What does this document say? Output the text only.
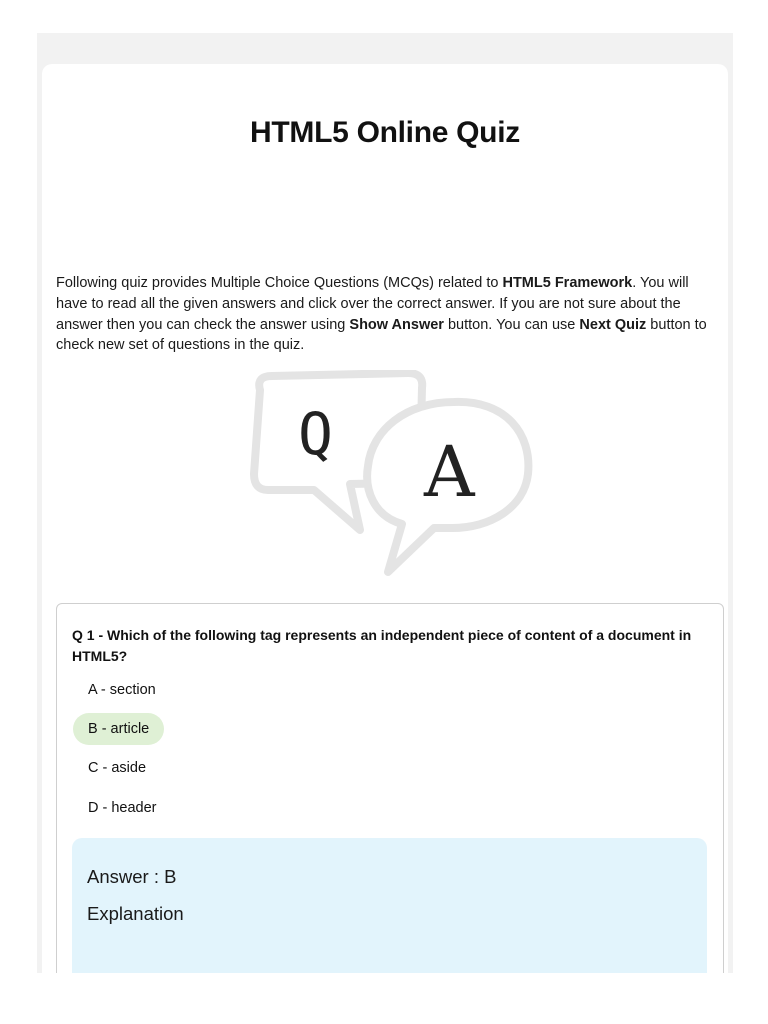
HTML5 Online Quiz

Following quiz provides Multiple Choice Questions (MCQs) related to HTML5 Framework. You will have to read all the given answers and click over the correct answer. If you are not sure about the answer then you can check the answer using Show Answer button. You can use Next Quiz button to check new set of questions in the quiz.

Q A

Q 1 - Which of the following tag represents an independent piece of content of a document in HTML5?

A - section
B - article
C - aside
D - header

Answer : B

Explanation
